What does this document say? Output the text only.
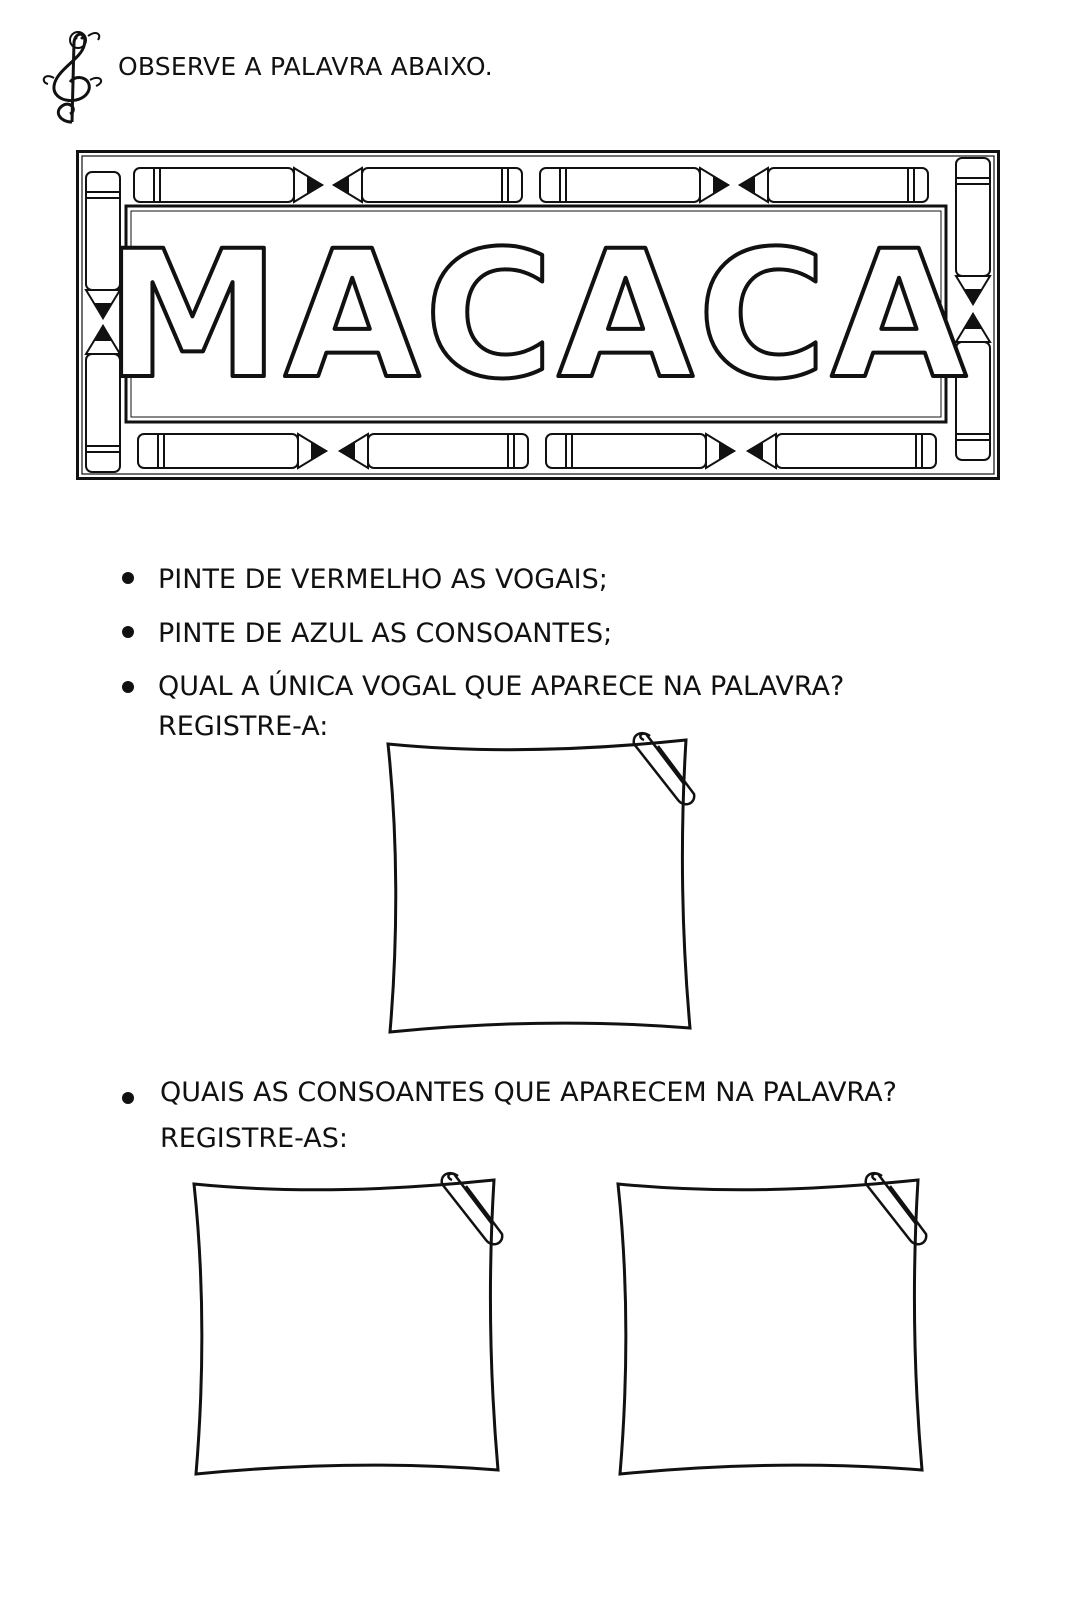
OBSERVE A PALAVRA ABAIXO.
MACACA
PINTE DE VERMELHO AS VOGAIS;
PINTE DE AZUL AS CONSOANTES;
QUAL A ÚNICA VOGAL QUE APARECE NA PALAVRA?
REGISTRE-A:
QUAIS AS CONSOANTES QUE APARECEM NA PALAVRA?
REGISTRE-AS:
